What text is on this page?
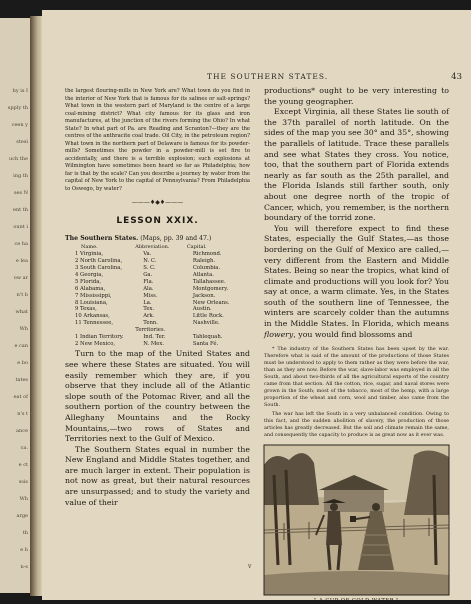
hy is I
spply th
ceen y
stesi
uch the
ing th
ses N
ent th
ount i
ce ha
e lea
ow ar
n't b
what
Wh
e can
e bo
tates
eat of
n's t
ance
ca.
e ct
ssis
Wh
arge
th
e h
n-s
THE SOUTHERN STATES.	43
the largest flouring-mills in New York are? What town do you find in the interior of New York that is famous for its salines or salt-springs? What town in the western part of Maryland is the centre of a large coal-mining district? What city famous for its glass and iron manufactures, at the junction of the rivers forming the Ohio? In what State? In what part of Pa. are Reading and Scranton?—they are the centres of the anthracite coal trade. Oil City, in the petroleum region? What town in the northern part of Delaware is famous for its powder-mills? Sometimes the powder in a powder-mill is set fire to accidentally, and there is a terrible explosion; such explosions at Wilmington have sometimes been heard so far as Philadelphia; how far is that by the scale? Can you describe a journey by water from the capital of New York to the capital of Pennsylvania? From Philadelphia to Oswego, by water?
———♦◆♦———
LESSON XXIX.
The Southern States. (Maps, pp. 39 and 47.)
Name.	Abbreviation.	Capital.
1 Virginia,	Va.	Richmond.
2 North Carolina,	N. C.	Raleigh.
3 South Carolina,	S. C.	Columbia.
4 Georgia,	Ga.	Atlanta.
5 Florida,	Fla.	Tallahassee.
6 Alabama,	Ala.	Montgomery.
7 Mississippi,	Miss.	Jackson.
8 Louisiana,	La.	New Orleans.
9 Texas,	Tex.	Austin.
10 Arkansas,	Ark.	Little Rock.
11 Tennessee,	Tenn.	Nashville.
	Territories.	
1 Indian Territory.	Ind. Ter.	Tahlequah.
2 New Mexico,	N. Mex.	Santa Fé.

Turn to the map of the United States and see where these States are situated. You will easily remember which they are, if you observe that they include all of the Atlantic slope south of the Potomac River, and all the southern portion of the country between the Alleghany Mountains and the Rocky Mountains,—two rows of States and Territories next to the Gulf of Mexico.

The Southern States equal in number the New England and Middle States together, and are much larger in extent. Their population is not now as great, but their natural resources are unsurpassed; and to study the variety and value of their

productions* ought to be very interesting to the young geographer.

Except Virginia, all these States lie south of the 37th parallel of north latitude. On the sides of the map you see 30° and 35°, showing the parallels of latitude. Trace these parallels and see what States they cross. You notice, too, that the southern part of Florida extends nearly as far south as the 25th parallel, and the Florida Islands still farther south, only about one degree north of the tropic of Cancer, which, you remember, is the northern boundary of the torrid zone.

You will therefore expect to find these States, especially the Gulf States,—as those bordering on the Gulf of Mexico are called,—very different from the Eastern and Middle States. Being so near the tropics, what kind of climate and productions will you look for? You say at once, a warm climate. Yes, in the States south of the southern line of Tennessee, the winters are scarcely colder than the autumns in the Middle States. In Florida, which means flowery, you would find blossoms and

* The industry of the Southern States has been upset by the war. Therefore what is said of the amount of the productions of those States must be understood to apply to them rather as they were before the war, than as they are now. Before the war, slave-labor was employed in all the South, and about two-thirds of all the agricultural exports of the country came from that section. All the cotton, rice, sugar, and naval stores were grown in the South; most of the tobacco, most of the hemp, with a large proportion of the wheat and corn, wool and timber, also came from the South.

The war has left the South in a very unbalanced condition. Owing to this fact, and the sudden abolition of slavery, the production of those articles has greatly decreased. But the soil and climate remain the same, and consequently the capacity to produce is as great now as it ever was.

" A CUP OF COLD WATER."
v
